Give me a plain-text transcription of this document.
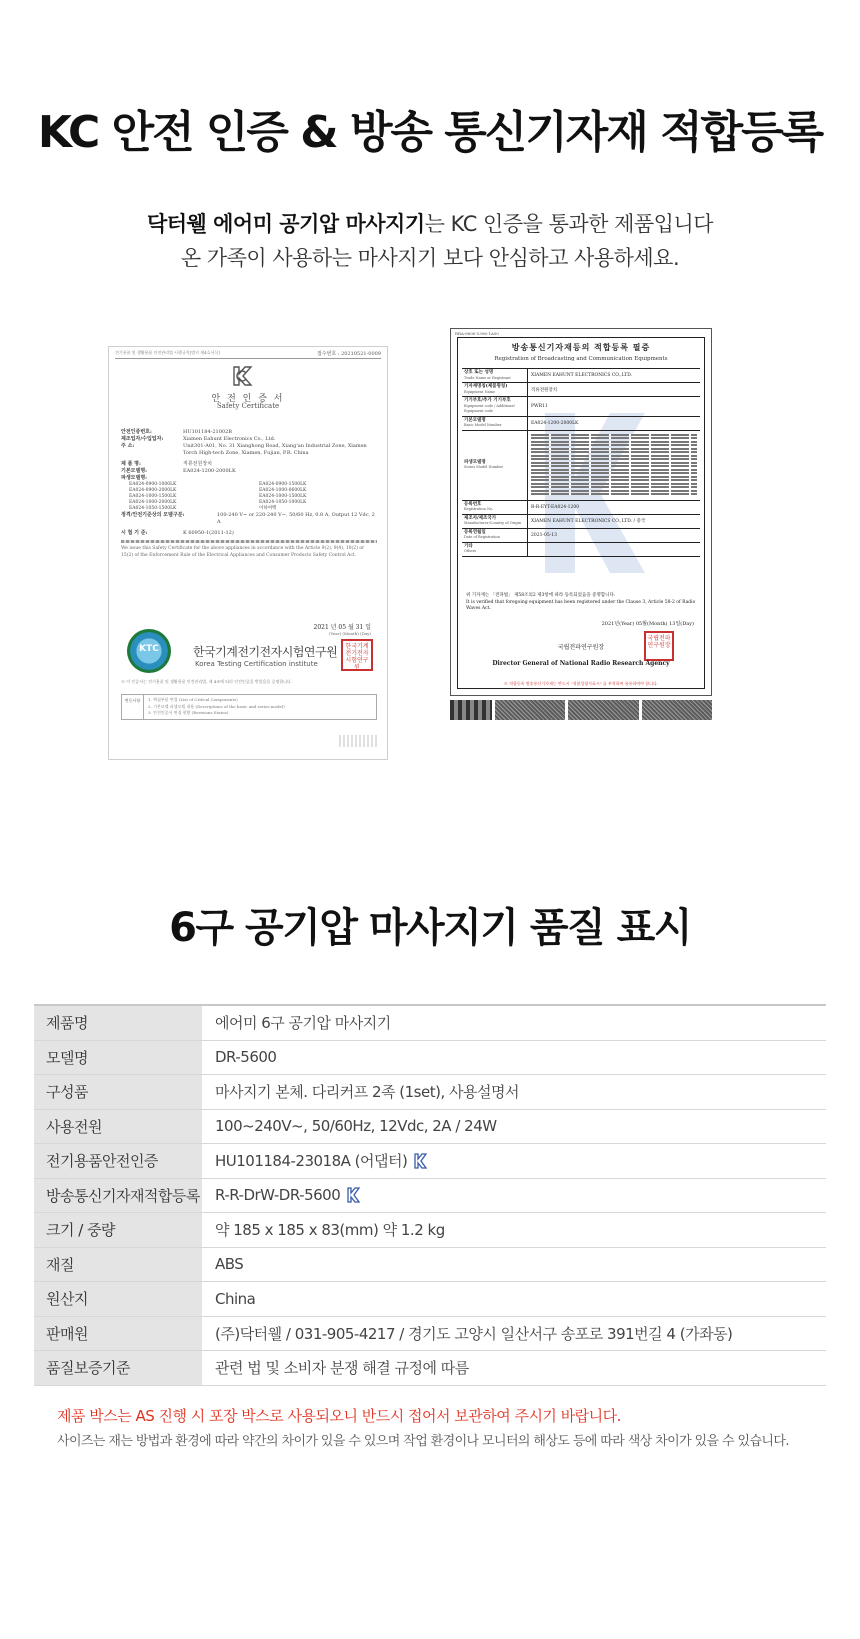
KC 안전 인증 & 방송 통신기자재 적합등록
닥터웰 에어미 공기압 마사지기는 KC 인증을 통과한 제품입니다
온 가족이 사용하는 마사지기 보다 안심하고 사용하세요.
전기용품 및 생활용품 안전관리법 시행규칙[별지 제4호서식]	접수번호 : 20210521-0009
안 전 인 증 서
Safety Certificate
안전인증번호:	HU101184-21002B
제조업자/수입업자:	Xiamen Eahunt Electronics Co., Ltd.
주 소:	Unit301-A01, No. 31 Xianghong Road, Xiang'an Industrial Zone, Xiamen
Torch High-tech Zone, Xiamen, Fujian, P.R. China
제 품 명:	직류전원장치
기본모델명:	EA024-1200-2000LK
파생모델명:
EA024-0900-1000LK
EA024-0900-2000LK
EA024-1000-1500LK
EA024-1000-2000LK
EA024-1050-1500LK
EA024-0900-1500LK
EA024-1000-0600LK
EA024-1000-1500LK
EA024-1050-1000LK
이하여백
정격/안전기준상의 모델구분:	100-240 V~ or 220-240 V~, 50/60 Hz, 0.8 A, Output 12 Vdc, 2 A
시 험 기 준:	K 60950-1(2011-12)
We issue this Safety Certificate for the above appliances in accordance with the Article 9(2), 9(4), 10(2) or 15(2) of the Enforcement Rule of the Electrical Appliances and Consumer Products Safety Control Act.
2021 년 05 월 31 일
(Year) (Month) (Day)
KTC	한국기계전기전자시험연구원
Korea Testing Certification institute
한국기계전기전자시험연구원
※ 이 인증서는 전기용품 및 생활용품 안전관리법, 제 4조에 따라 안전인증을 받았음을 증명합니다.
변동사항	1. 핵심부품 변경 (List of Critical Components)
2. 기본모델·파생모델 내용 (Descriptions of the basic and series model)
3. 안전인증서 변경 현황 (Revisions Status)
RRA-8806-5396-1A00
방송통신기자재등의 적합등록 필증
Registration of Broadcasting and Communication Equipments
상호 또는 성명
Trade Name or Registrant	XIAMEN EAHUNT ELECTRONICS CO.,LTD.
기자재명칭(제품명칭)
Equipment Name	직류전원장치
기기부호/추가 기기부호
Equipment code / Additional Equipment code
PWR11
기본모델명
Basic Model Number	EA024-1200-2000LK
파생모델명
Series Model Number
등록번호
Registration No.	R-R-EYT-EA024-1200
제조자/제조국가
Manufacturer/Country of Origin	XIAMEN EAHUNT ELECTRONICS CO.,LTD. / 중국
등록연월일
Date of Registration	2021-05-13
기타
Others
위 기자재는 「전파법」 제58조의2 제3항에 따라 등록되었음을 증명합니다.
It is verified that foregoing equipment has been registered under the Clause 3, Article 58-2 of Radio Waves Act.
2021년(Year) 05월(Month) 13일(Day)
국립전파연구원장
국립전파연구원장
Director General of National Radio Research Agency
※ 적합등록 방송통신기자재는 반드시 "적합성평가표시" 를 부착하여 유통하여야 합니다.
6구 공기압 마사지기 품질 표시
제품명	에어미 6구 공기압 마사지기
모델명	DR-5600
구성품	마사지기 본체. 다리커프 2족 (1set), 사용설명서
사용전원	100~240V~, 50/60Hz, 12Vdc, 2A / 24W
전기용품안전인증	HU101184-23018A (어댑터)
방송통신기자재적합등록 R-R-DrW-DR-5600
크기 / 중량	약 185 x 185 x 83(mm) 약 1.2 kg
재질	ABS
원산지	China
판매원	(주)닥터웰 / 031-905-4217 / 경기도 고양시 일산서구 송포로 391번길 4 (가좌동)
품질보증기준	관련 법 및 소비자 분쟁 해결 규정에 따름
제품 박스는 AS 진행 시 포장 박스로 사용되오니 반드시 접어서 보관하여 주시기 바랍니다.
사이즈는 재는 방법과 환경에 따라 약간의 차이가 있을 수 있으며 작업 환경이나 모니터의 해상도 등에 따라 색상 차이가 있을 수 있습니다.
